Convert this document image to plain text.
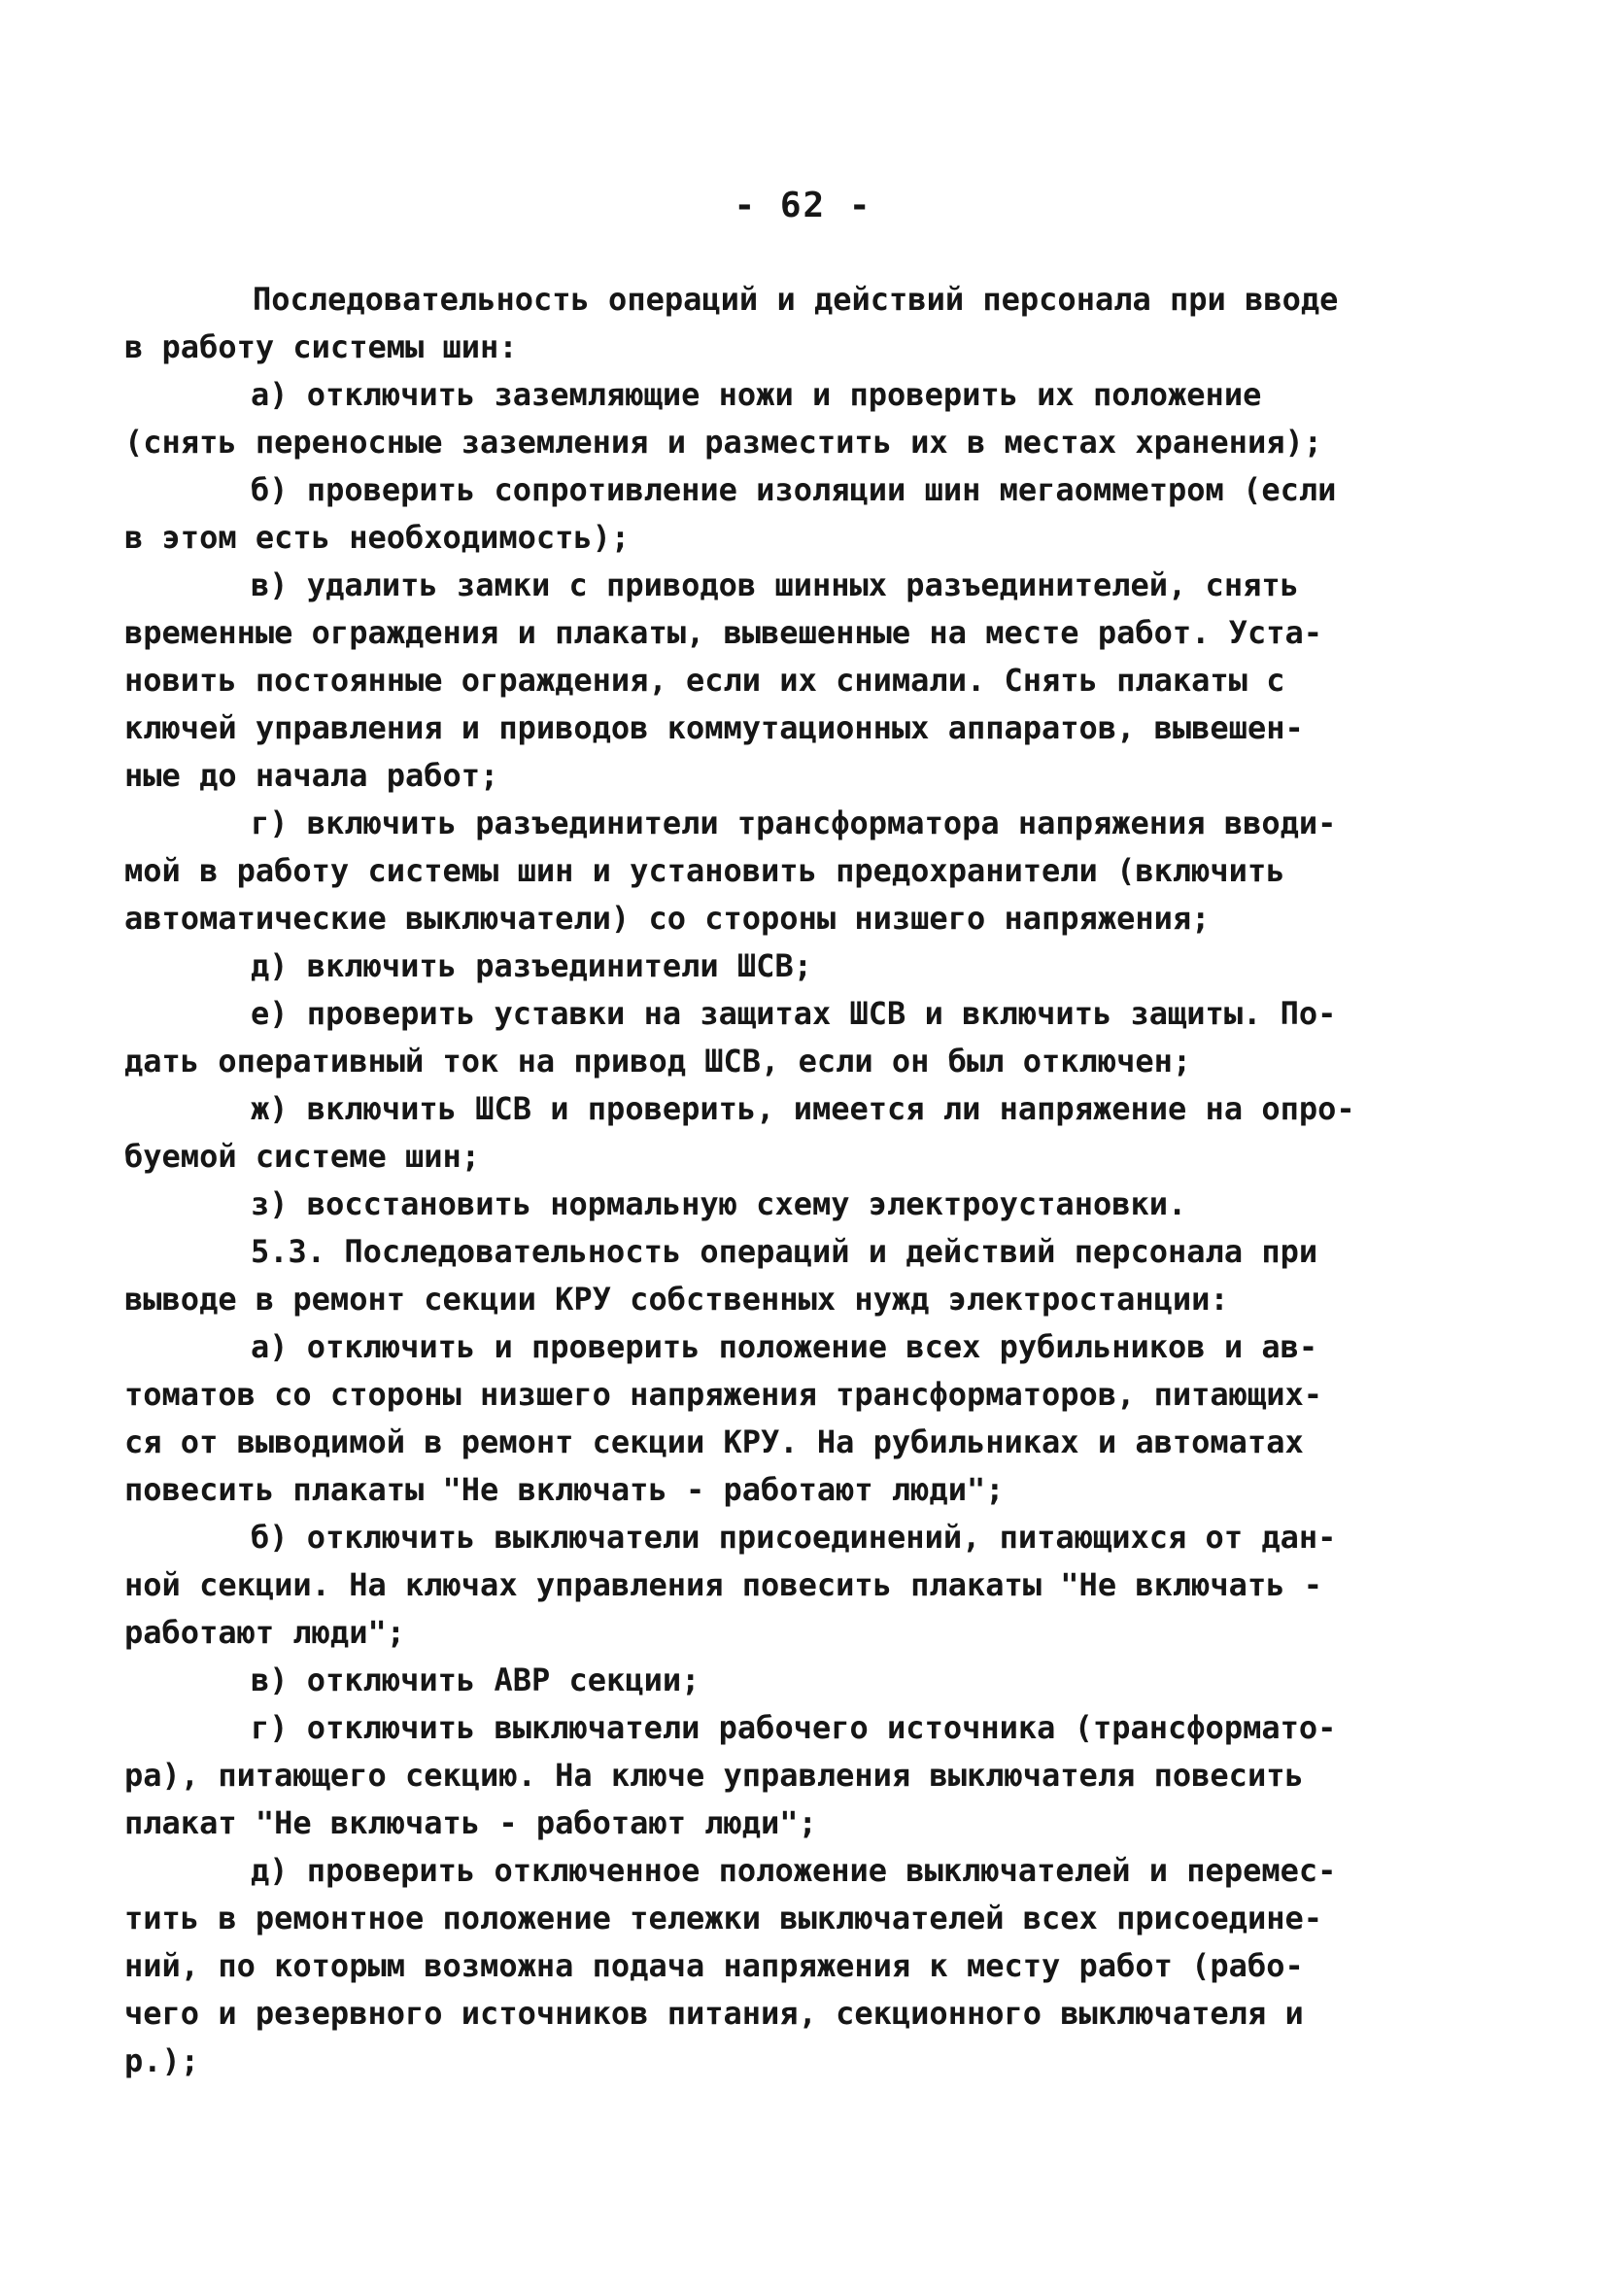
- 62 -
Последовательность операций и действий персонала при вводе
в работу системы шин:
а) отключить заземляющие ножи и проверить их положение
(снять переносные заземления и разместить их в местах хранения);
б) проверить сопротивление изоляции шин мегаомметром (если
в этом есть необходимость);
в) удалить замки с приводов шинных разъединителей, снять
временные ограждения и плакаты, вывешенные на месте работ. Уста-
новить постоянные ограждения, если их снимали. Снять плакаты с
ключей управления и приводов коммутационных аппаратов, вывешен-
ные до начала работ;
г) включить разъединители трансформатора напряжения вводи-
мой в работу системы шин и установить предохранители (включить
автоматические выключатели) со стороны низшего напряжения;
д) включить разъединители ШСВ;
е) проверить уставки на защитах ШСВ и включить защиты. По-
дать оперативный ток на привод ШСВ, если он был отключен;
ж) включить ШСВ и проверить, имеется ли напряжение на опро-
буемой системе шин;
з) восстановить нормальную схему электроустановки.
5.3. Последовательность операций и действий персонала при
выводе в ремонт секции КРУ собственных нужд электростанции:
а) отключить и проверить положение всех рубильников и ав-
томатов со стороны низшего напряжения трансформаторов, питающих-
ся от выводимой в ремонт секции КРУ. На рубильниках и автоматах
повесить плакаты "Не включать - работают люди";
б) отключить выключатели присоединений, питающихся от дан-
ной секции. На ключах управления повесить плакаты "Не включать -
работают люди";
в) отключить АВР секции;
г) отключить выключатели рабочего источника (трансформато-
ра), питающего секцию. На ключе управления выключателя повесить
плакат "Не включать - работают люди";
д) проверить отключенное положение выключателей и перемес-
тить в ремонтное положение тележки выключателей всех присоедине-
ний, по которым возможна подача напряжения к месту работ (рабо-
чего и резервного источников питания, секционного выключателя и
р.);
